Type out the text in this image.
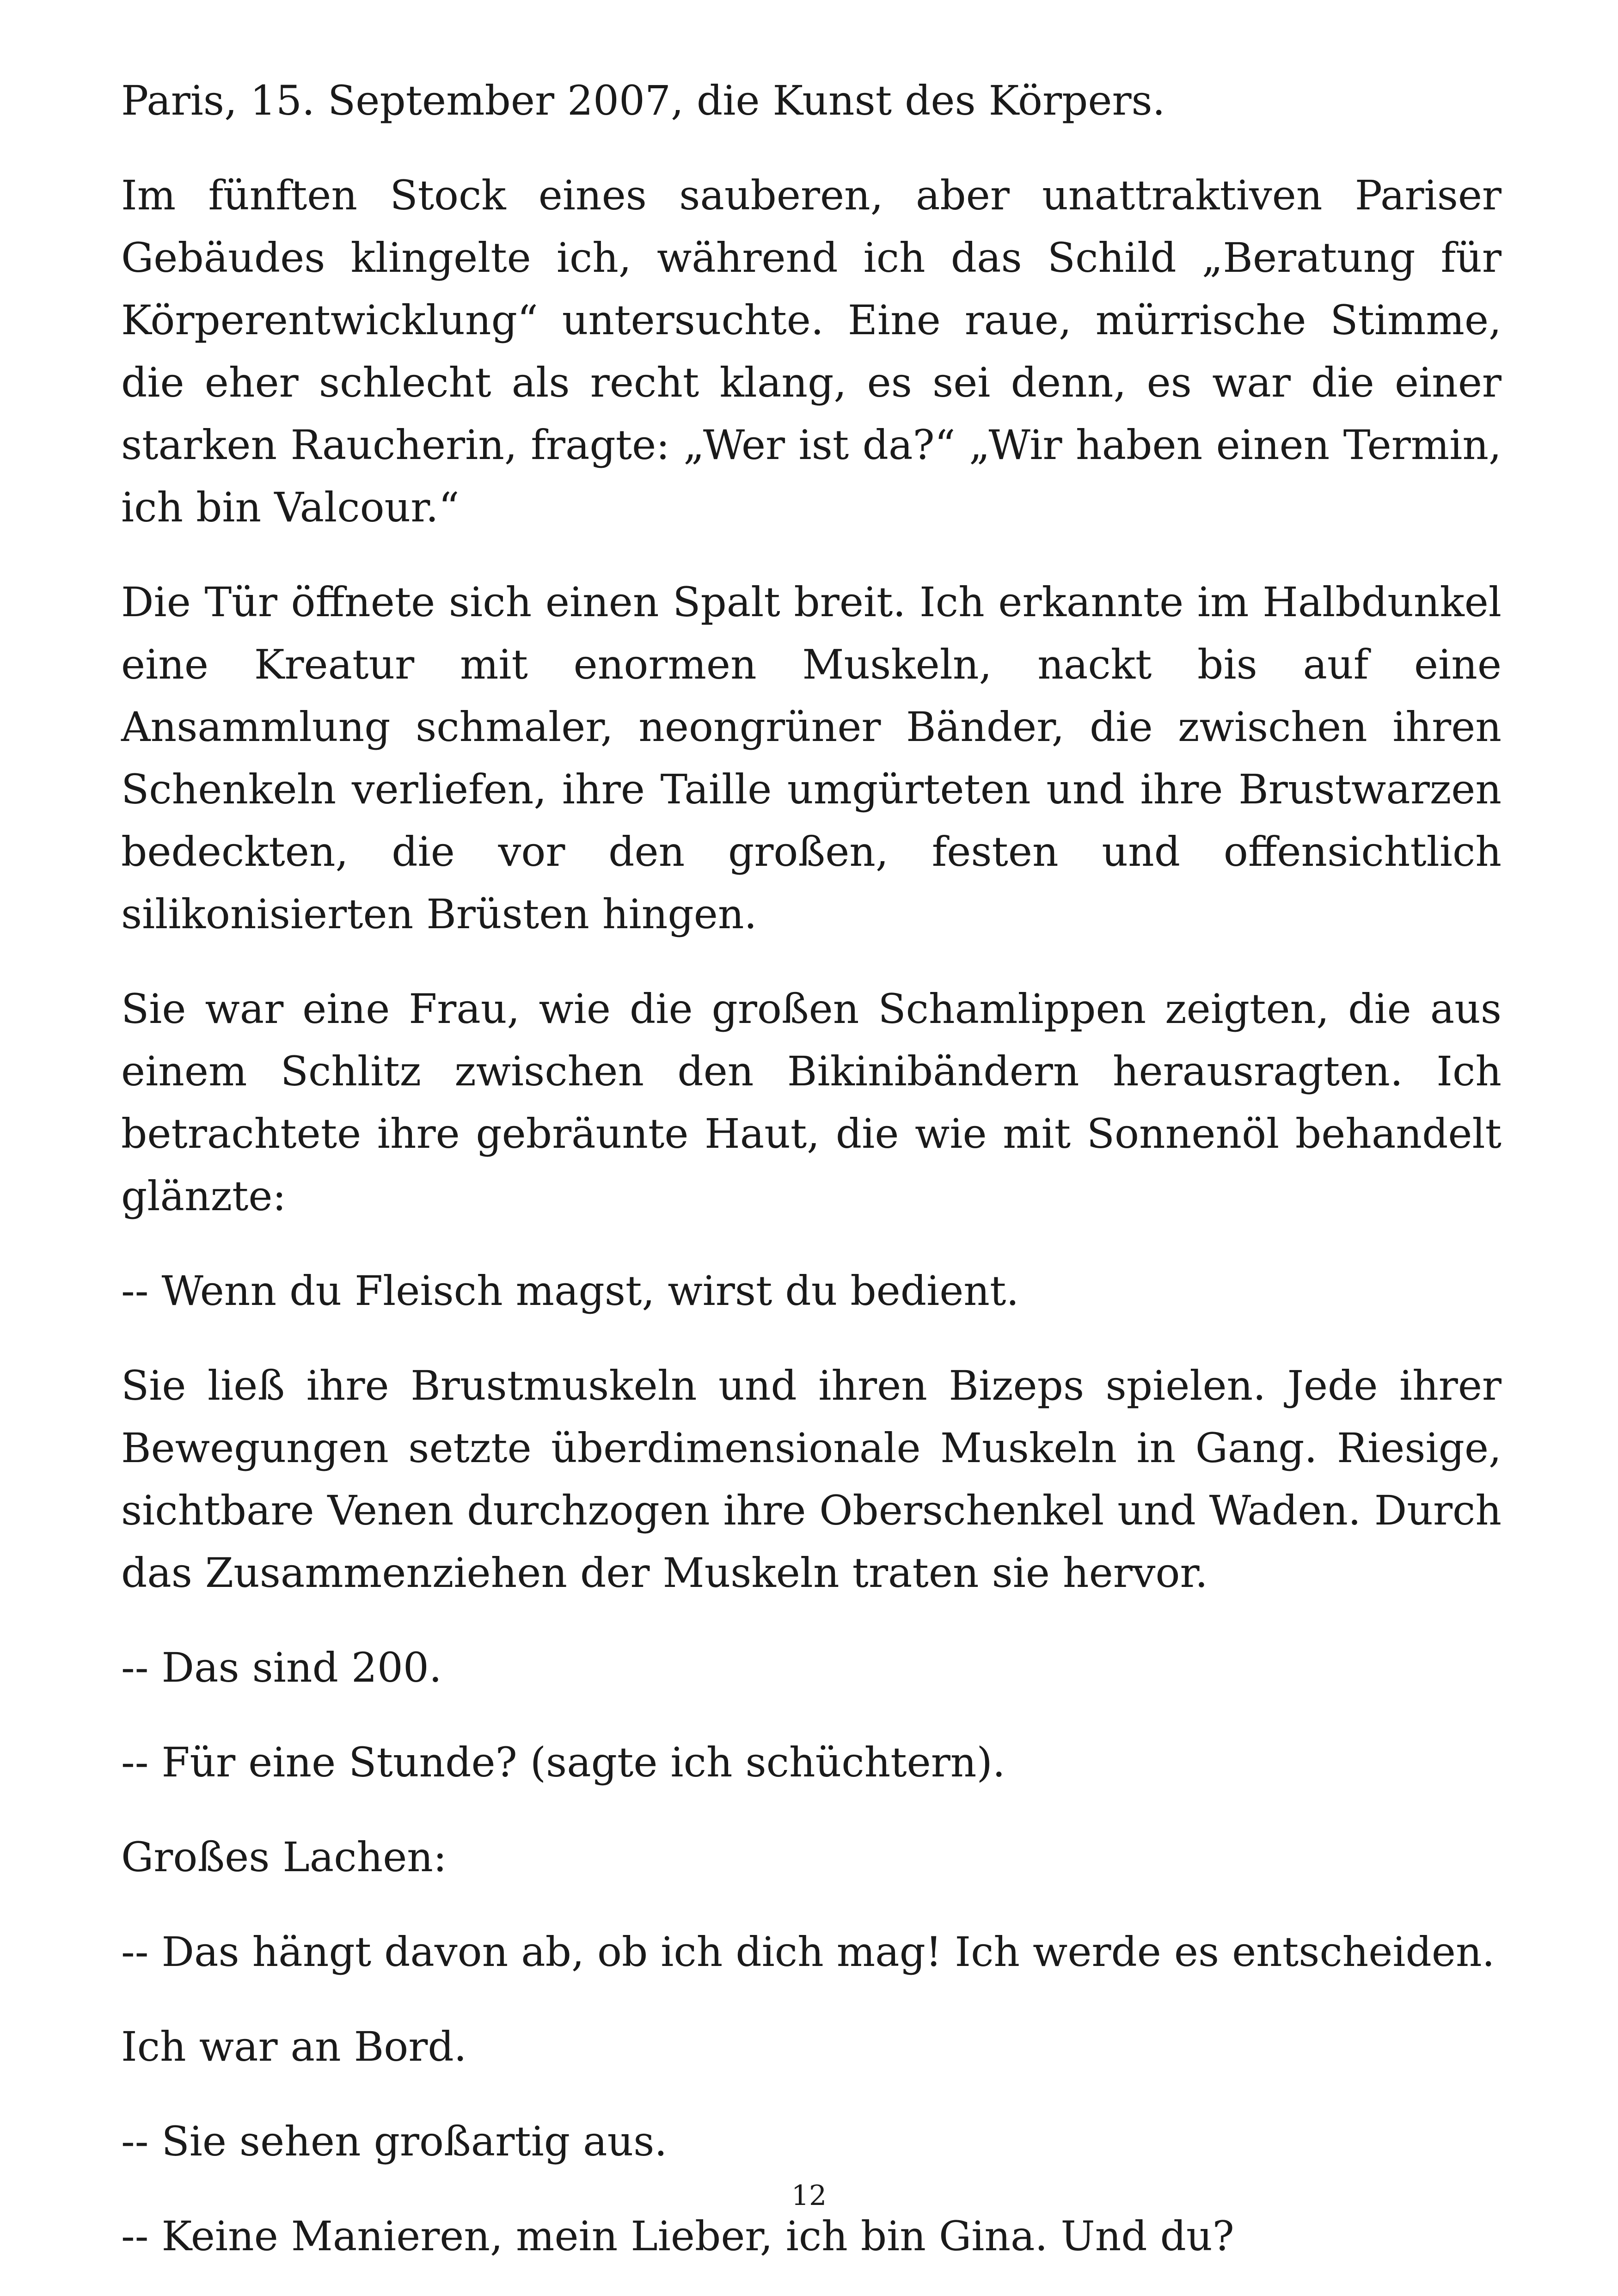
Paris, 15. September 2007, die Kunst des Körpers.

Im fünften Stock eines sauberen, aber unattraktiven Pariser Gebäudes klingelte ich, während ich das Schild „Beratung für Körperentwicklung“ untersuchte. Eine raue, mürrische Stimme, die eher schlecht als recht klang, es sei denn, es war die einer starken Raucherin, fragte: „Wer ist da?“ „Wir haben einen Termin, ich bin Valcour.“

Die Tür öffnete sich einen Spalt breit. Ich erkannte im Halbdunkel eine Kreatur mit enormen Muskeln, nackt bis auf eine Ansammlung schmaler, neongrüner Bänder, die zwischen ihren Schenkeln verliefen, ihre Taille umgürteten und ihre Brustwarzen bedeckten, die vor den großen, festen und offensichtlich silikonisierten Brüsten hingen.

Sie war eine Frau, wie die großen Schamlippen zeigten, die aus einem Schlitz zwischen den Bikinibändern herausragten. Ich betrachtete ihre gebräunte Haut, die wie mit Sonnenöl behandelt glänzte:

-- Wenn du Fleisch magst, wirst du bedient.

Sie ließ ihre Brustmuskeln und ihren Bizeps spielen. Jede ihrer Bewegungen setzte überdimensionale Muskeln in Gang. Riesige, sichtbare Venen durchzogen ihre Oberschenkel und Waden. Durch das Zusammenziehen der Muskeln traten sie hervor.

-- Das sind 200.

-- Für eine Stunde? (sagte ich schüchtern).

Großes Lachen:

-- Das hängt davon ab, ob ich dich mag! Ich werde es entscheiden.

Ich war an Bord.

-- Sie sehen großartig aus.

-- Keine Manieren, mein Lieber, ich bin Gina. Und du?

12
